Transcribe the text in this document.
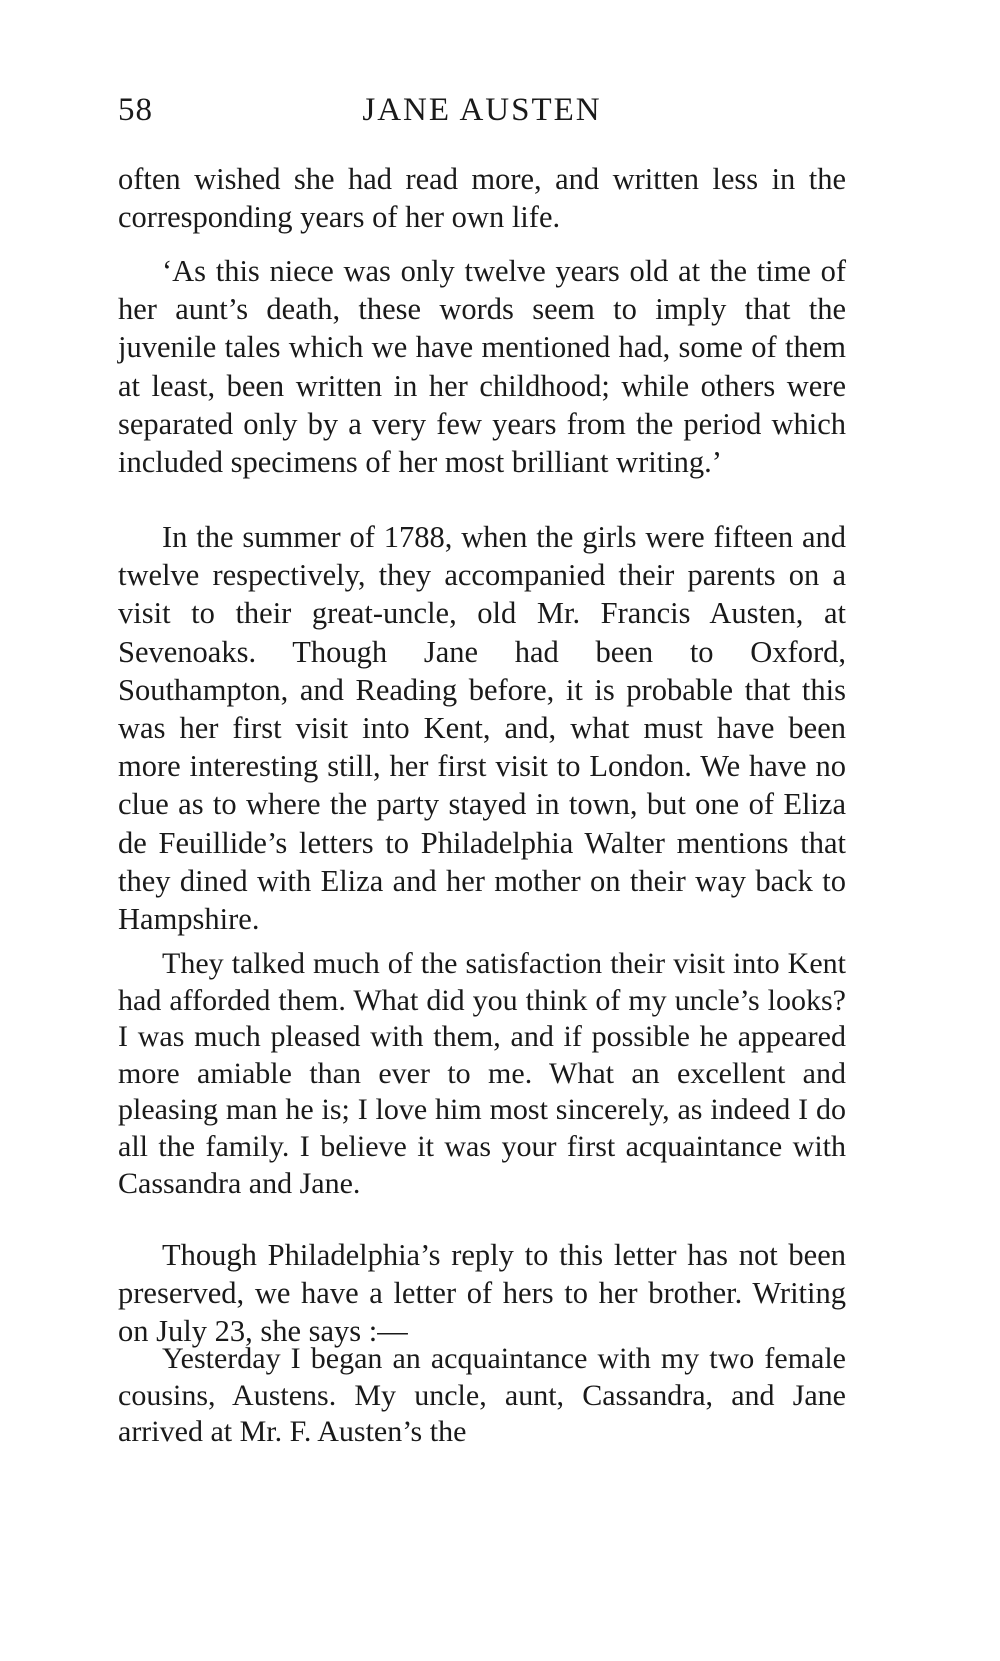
58	JANE AUSTEN

often wished she had read more, and written less in the corresponding years of her own life.

‘As this niece was only twelve years old at the time of her aunt’s death, these words seem to imply that the juvenile tales which we have mentioned had, some of them at least, been written in her childhood; while others were separated only by a very few years from the period which included specimens of her most brilliant writing.’

In the summer of 1788, when the girls were fifteen and twelve respectively, they accompanied their parents on a visit to their great-uncle, old Mr. Francis Austen, at Sevenoaks. Though Jane had been to Oxford, Southampton, and Reading before, it is probable that this was her first visit into Kent, and, what must have been more interesting still, her first visit to London. We have no clue as to where the party stayed in town, but one of Eliza de Feuillide’s letters to Philadelphia Walter mentions that they dined with Eliza and her mother on their way back to Hampshire.

They talked much of the satisfaction their visit into Kent had afforded them. What did you think of my uncle’s looks? I was much pleased with them, and if possible he appeared more amiable than ever to me. What an excellent and pleasing man he is; I love him most sincerely, as indeed I do all the family. I believe it was your first acquaintance with Cassandra and Jane.

Though Philadelphia’s reply to this letter has not been preserved, we have a letter of hers to her brother. Writing on July 23, she says :—

Yesterday I began an acquaintance with my two female cousins, Austens. My uncle, aunt, Cassandra, and Jane arrived at Mr. F. Austen’s the
